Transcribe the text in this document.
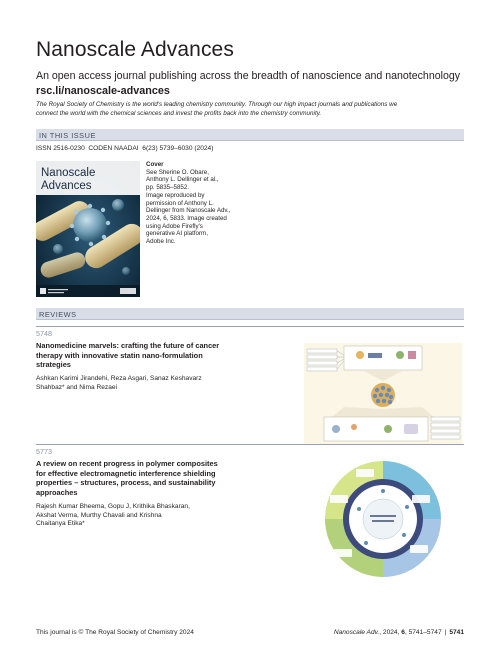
Nanoscale Advances
An open access journal publishing across the breadth of nanoscience and nanotechnology
rsc.li/nanoscale-advances
The Royal Society of Chemistry is the world's leading chemistry community. Through our high impact journals and publications we
connect the world with the chemical sciences and invest the profits back into the chemistry community.
IN THIS ISSUE
ISSN 2516-0230  CODEN NAADAI  6(23) 5739–6030 (2024)
Nanoscale
Advances
Cover
See Sherine O. Obare,
Anthony L. Dellinger et al.,
pp. 5835–5852.
Image reproduced by
permission of Anthony L.
Dellinger from Nanoscale Adv.,
2024, 6, 5833. Image created
using Adobe Firefly's
generative AI platform,
Adobe Inc.
REVIEWS
5748
Nanomedicine marvels: crafting the future of cancer
therapy with innovative statin nano-formulation
strategies
Ashkan Karimi Jirandehi, Reza Asgari, Sanaz Keshavarz
Shahbaz* and Nima Rezaei
5773
A review on recent progress in polymer composites
for effective electromagnetic interference shielding
properties – structures, process, and sustainability
approaches
Rajesh Kumar Bheema, Gopu J, Krithika Bhaskaran,
Akshat Verma, Murthy Chavali and Krishna
Chaitanya Etika*
This journal is © The Royal Society of Chemistry 2024	Nanoscale Adv., 2024, 6, 5741–5747 | 5741
